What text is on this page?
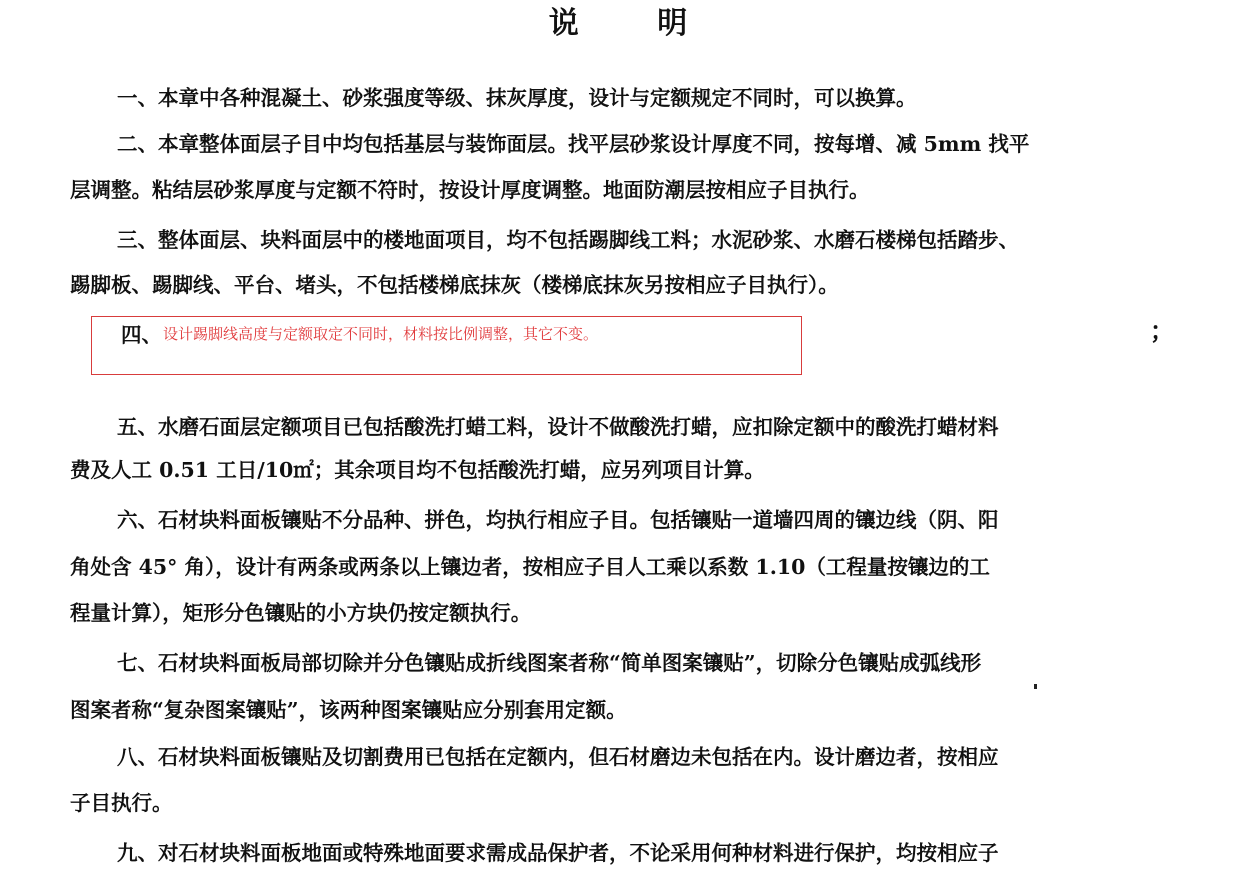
说 明
一、本章中各种混凝土、砂浆强度等级、抹灰厚度，设计与定额规定不同时，可以换算。
二、本章整体面层子目中均包括基层与装饰面层。找平层砂浆设计厚度不同，按每增、减 5mm 找平
层调整。粘结层砂浆厚度与定额不符时，按设计厚度调整。地面防潮层按相应子目执行。
三、整体面层、块料面层中的楼地面项目，均不包括踢脚线工料；水泥砂浆、水磨石楼梯包括踏步、
踢脚板、踢脚线、平台、堵头，不包括楼梯底抹灰（楼梯底抹灰另按相应子目执行）。
四、 设计踢脚线高度与定额取定不同时，材料按比例调整，其它不变。	；
五、水磨石面层定额项目已包括酸洗打蜡工料，设计不做酸洗打蜡，应扣除定额中的酸洗打蜡材料
费及人工 0.51 工日/10㎡；其余项目均不包括酸洗打蜡，应另列项目计算。
六、石材块料面板镶贴不分品种、拼色，均执行相应子目。包括镶贴一道墙四周的镶边线（阴、阳
角处含 45° 角），设计有两条或两条以上镶边者，按相应子目人工乘以系数 1.10（工程量按镶边的工
程量计算），矩形分色镶贴的小方块仍按定额执行。
七、石材块料面板局部切除并分色镶贴成折线图案者称“简单图案镶贴”，切除分色镶贴成弧线形
图案者称“复杂图案镶贴”，该两种图案镶贴应分别套用定额。
八、石材块料面板镶贴及切割费用已包括在定额内，但石材磨边未包括在内。设计磨边者，按相应
子目执行。
九、对石材块料面板地面或特殊地面要求需成品保护者，不论采用何种材料进行保护，均按相应子
